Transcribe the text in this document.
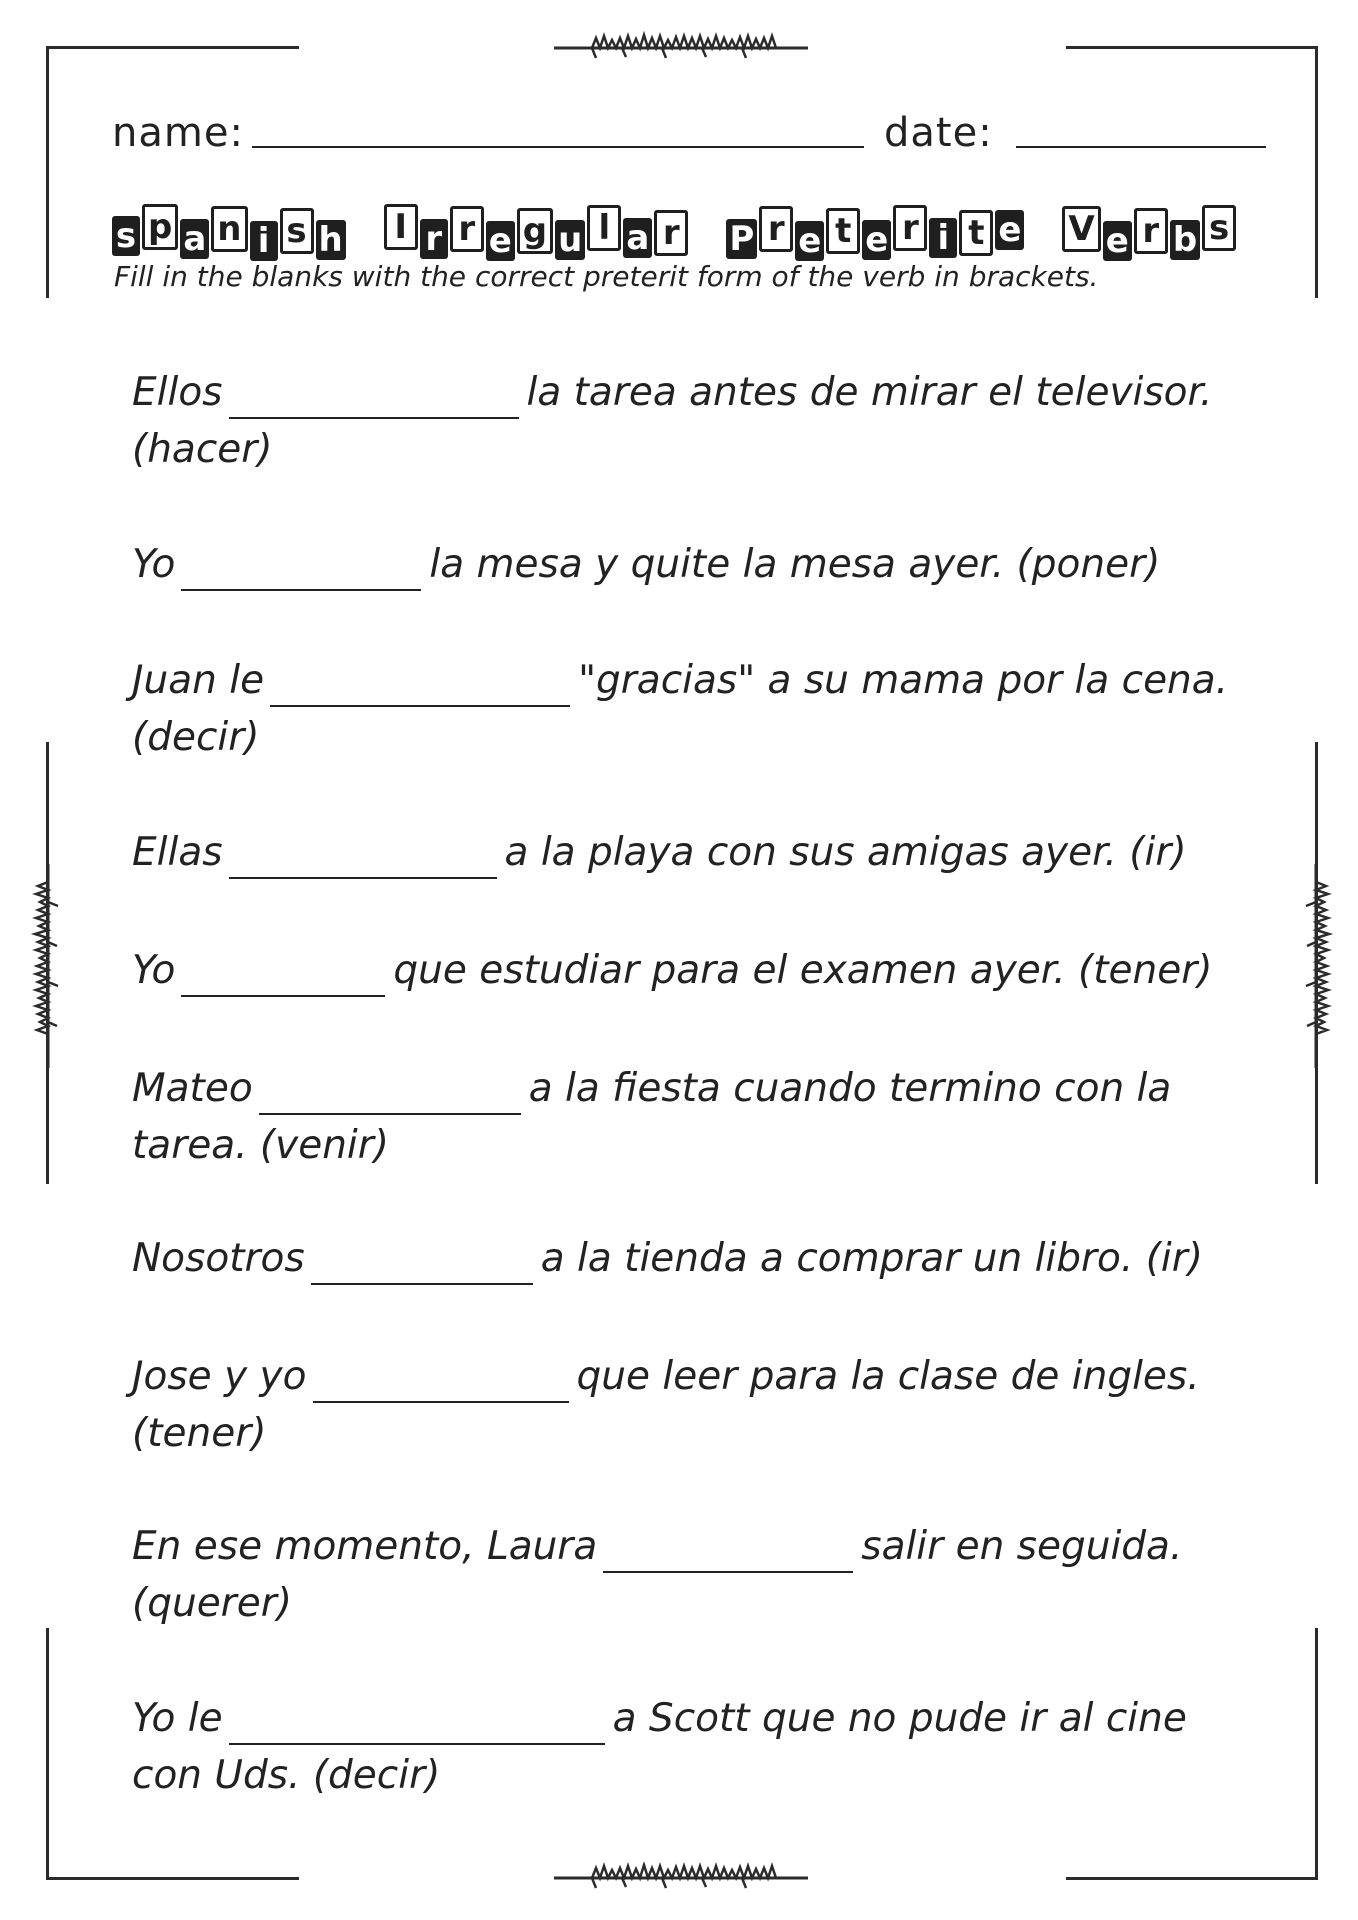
name:	date:
s p a n i s h	I r r e g u l a r P r e t e r i t e V e r b s
Fill in the blanks with the correct preterit form of the verb in brackets.
Ellos	la tarea antes de mirar el televisor.
(hacer)
Yo	la mesa y quite la mesa ayer. (poner)
Juan le	"gracias" a su mama por la cena.
(decir)
Ellas	a la playa con sus amigas ayer. (ir)
Yo	que estudiar para el examen ayer. (tener)
Mateo	a la fiesta cuando termino con la
tarea. (venir)
Nosotros	a la tienda a comprar un libro. (ir)
Jose y yo	que leer para la clase de ingles.
(tener)
En ese momento, Laura	salir en seguida.
(querer)
Yo le	a Scott que no pude ir al cine
con Uds. (decir)
